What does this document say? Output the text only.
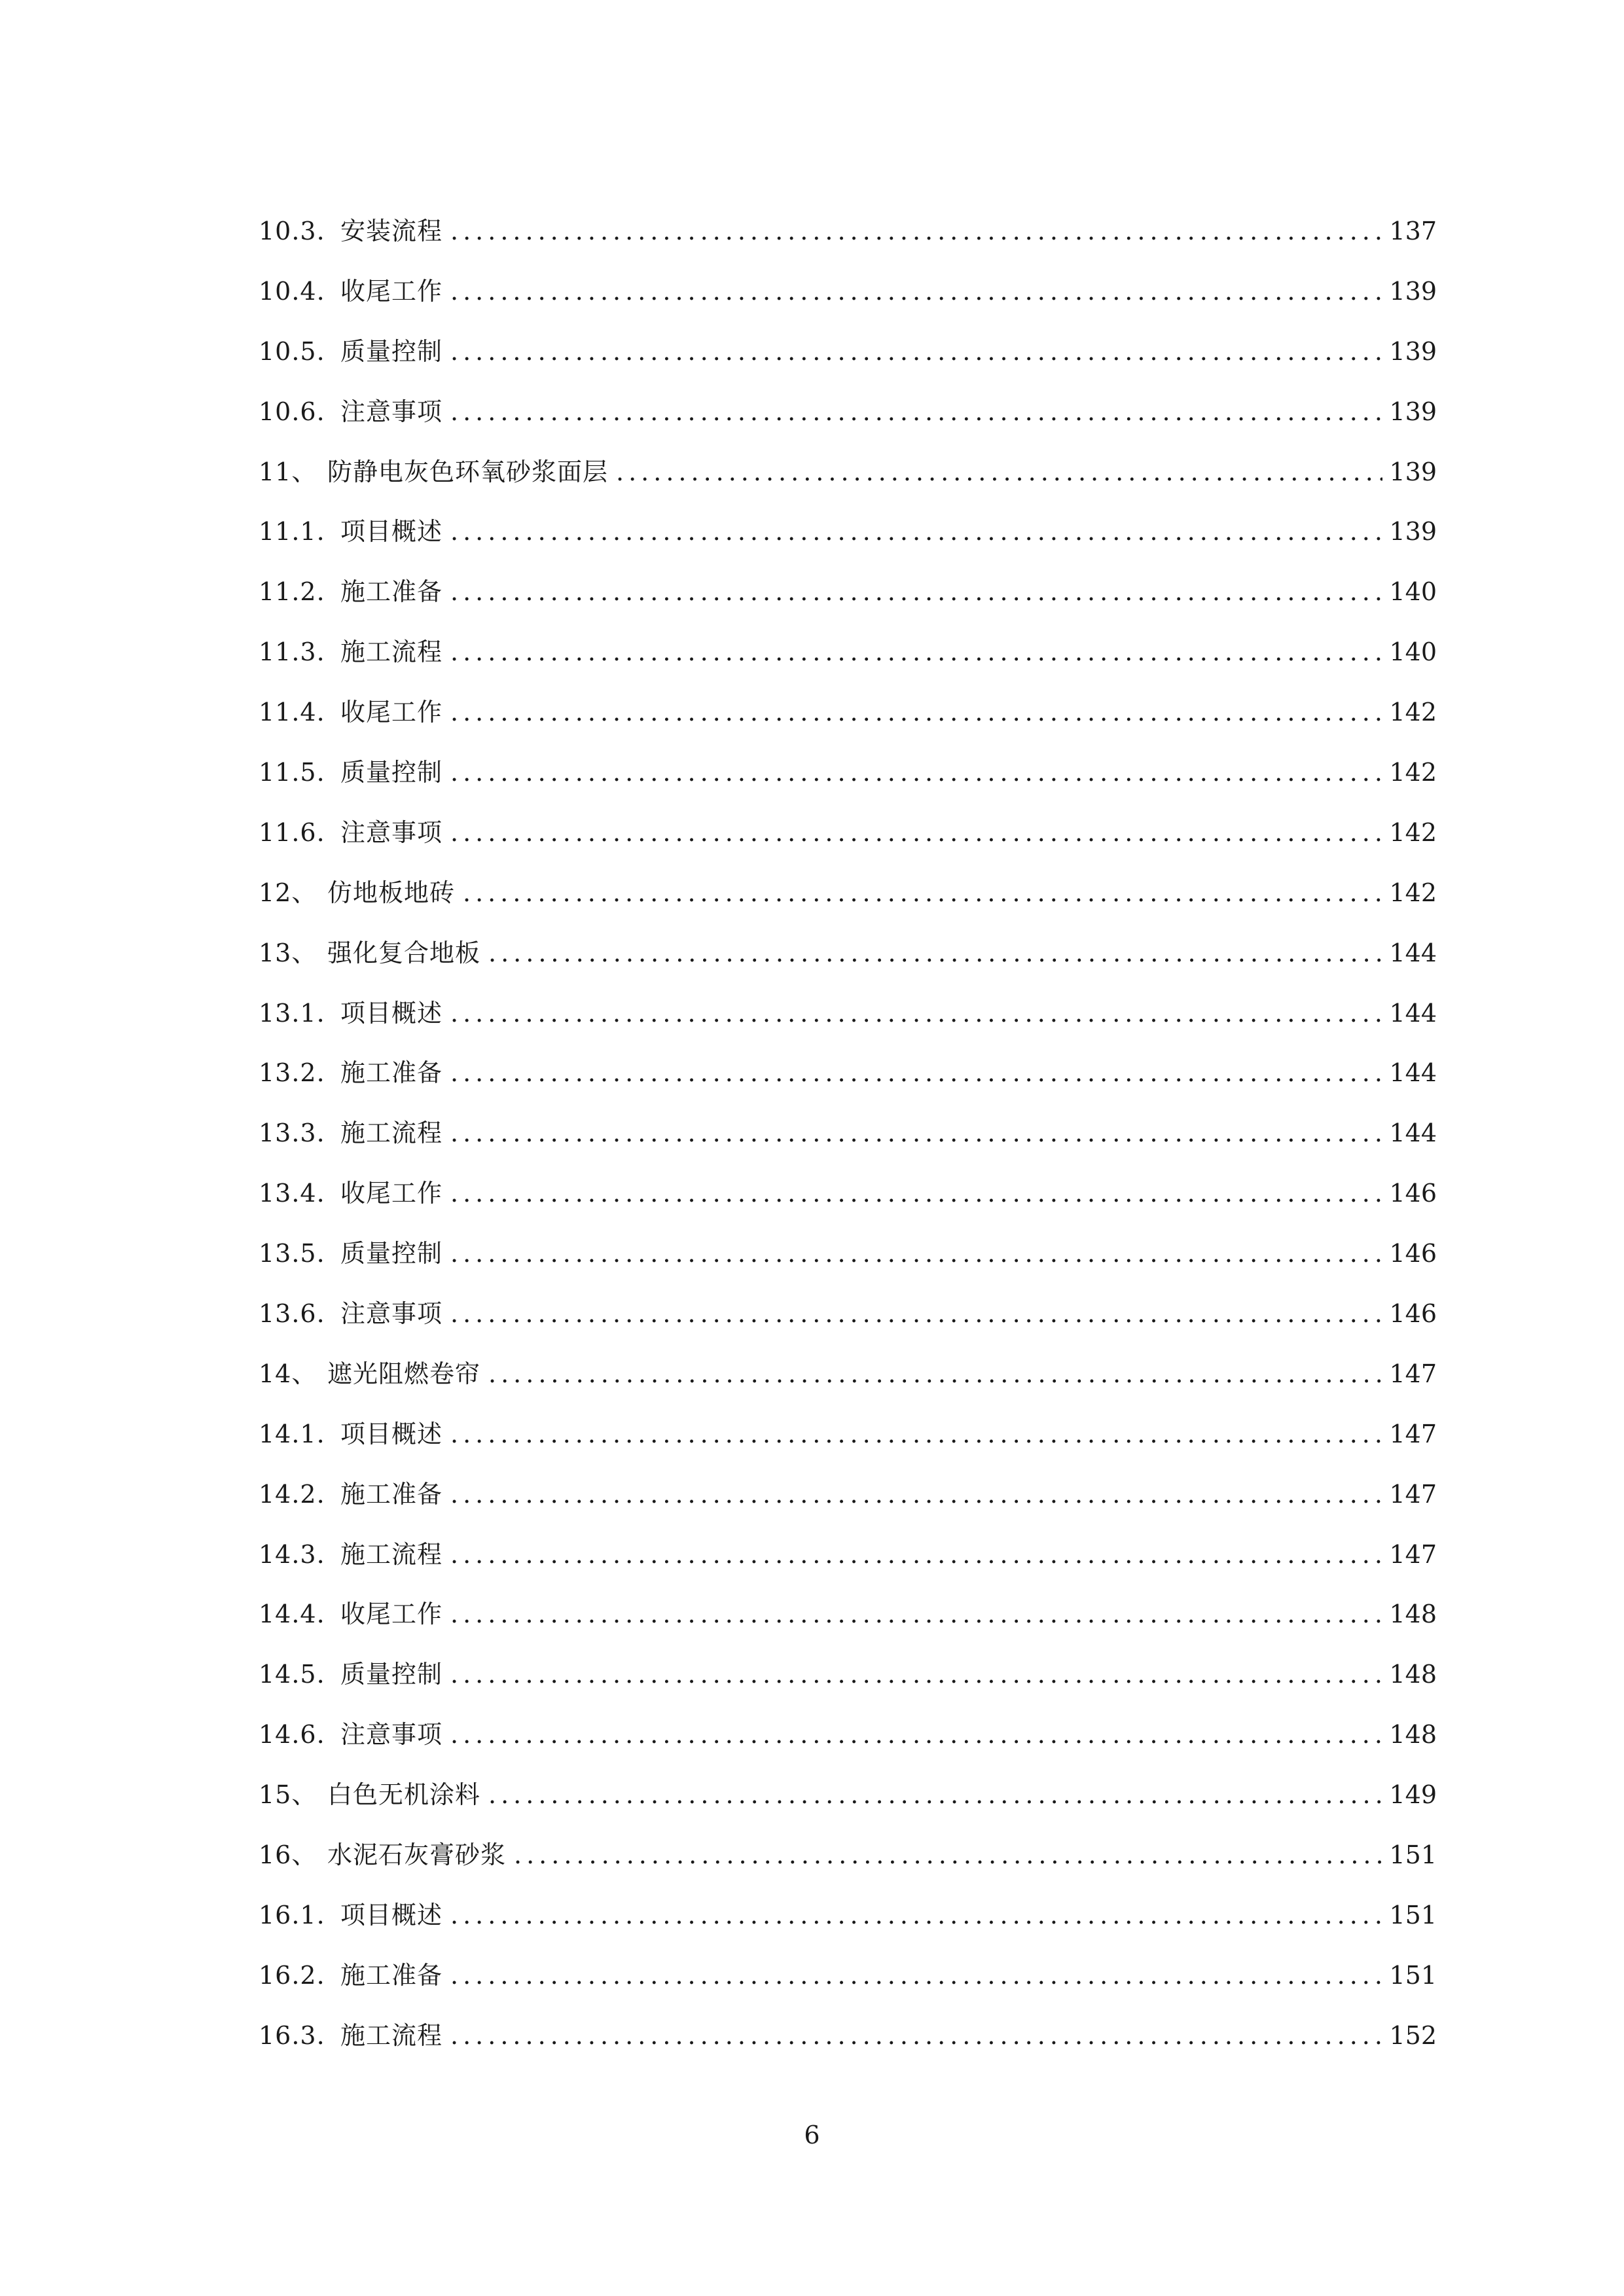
10.3. 安装流程 .....	137
10.4. 收尾工作 .....	139
10.5. 质量控制 .....	139
10.6. 注意事项 .....	139
11、 防静电灰色环氧砂浆面层 .....	139
11.1. 项目概述 .....	139
11.2. 施工准备 .....	140
11.3. 施工流程 .....	140
11.4. 收尾工作 .....	142
11.5. 质量控制 .....	142
11.6. 注意事项 .....	142
12、 仿地板地砖 .....	142
13、 强化复合地板 .....	144
13.1. 项目概述 .....	144
13.2. 施工准备 .....	144
13.3. 施工流程 .....	144
13.4. 收尾工作 .....	146
13.5. 质量控制 .....	146
13.6. 注意事项 .....	146
14、 遮光阻燃卷帘 .....	147
14.1. 项目概述 .....	147
14.2. 施工准备 .....	147
14.3. 施工流程 .....	147
14.4. 收尾工作 .....	148
14.5. 质量控制 .....	148
14.6. 注意事项 .....	148
15、 白色无机涂料 .....	149
16、 水泥石灰膏砂浆 .....	151
16.1. 项目概述 .....	151
16.2. 施工准备 .....	151
16.3. 施工流程 .....	152
6
